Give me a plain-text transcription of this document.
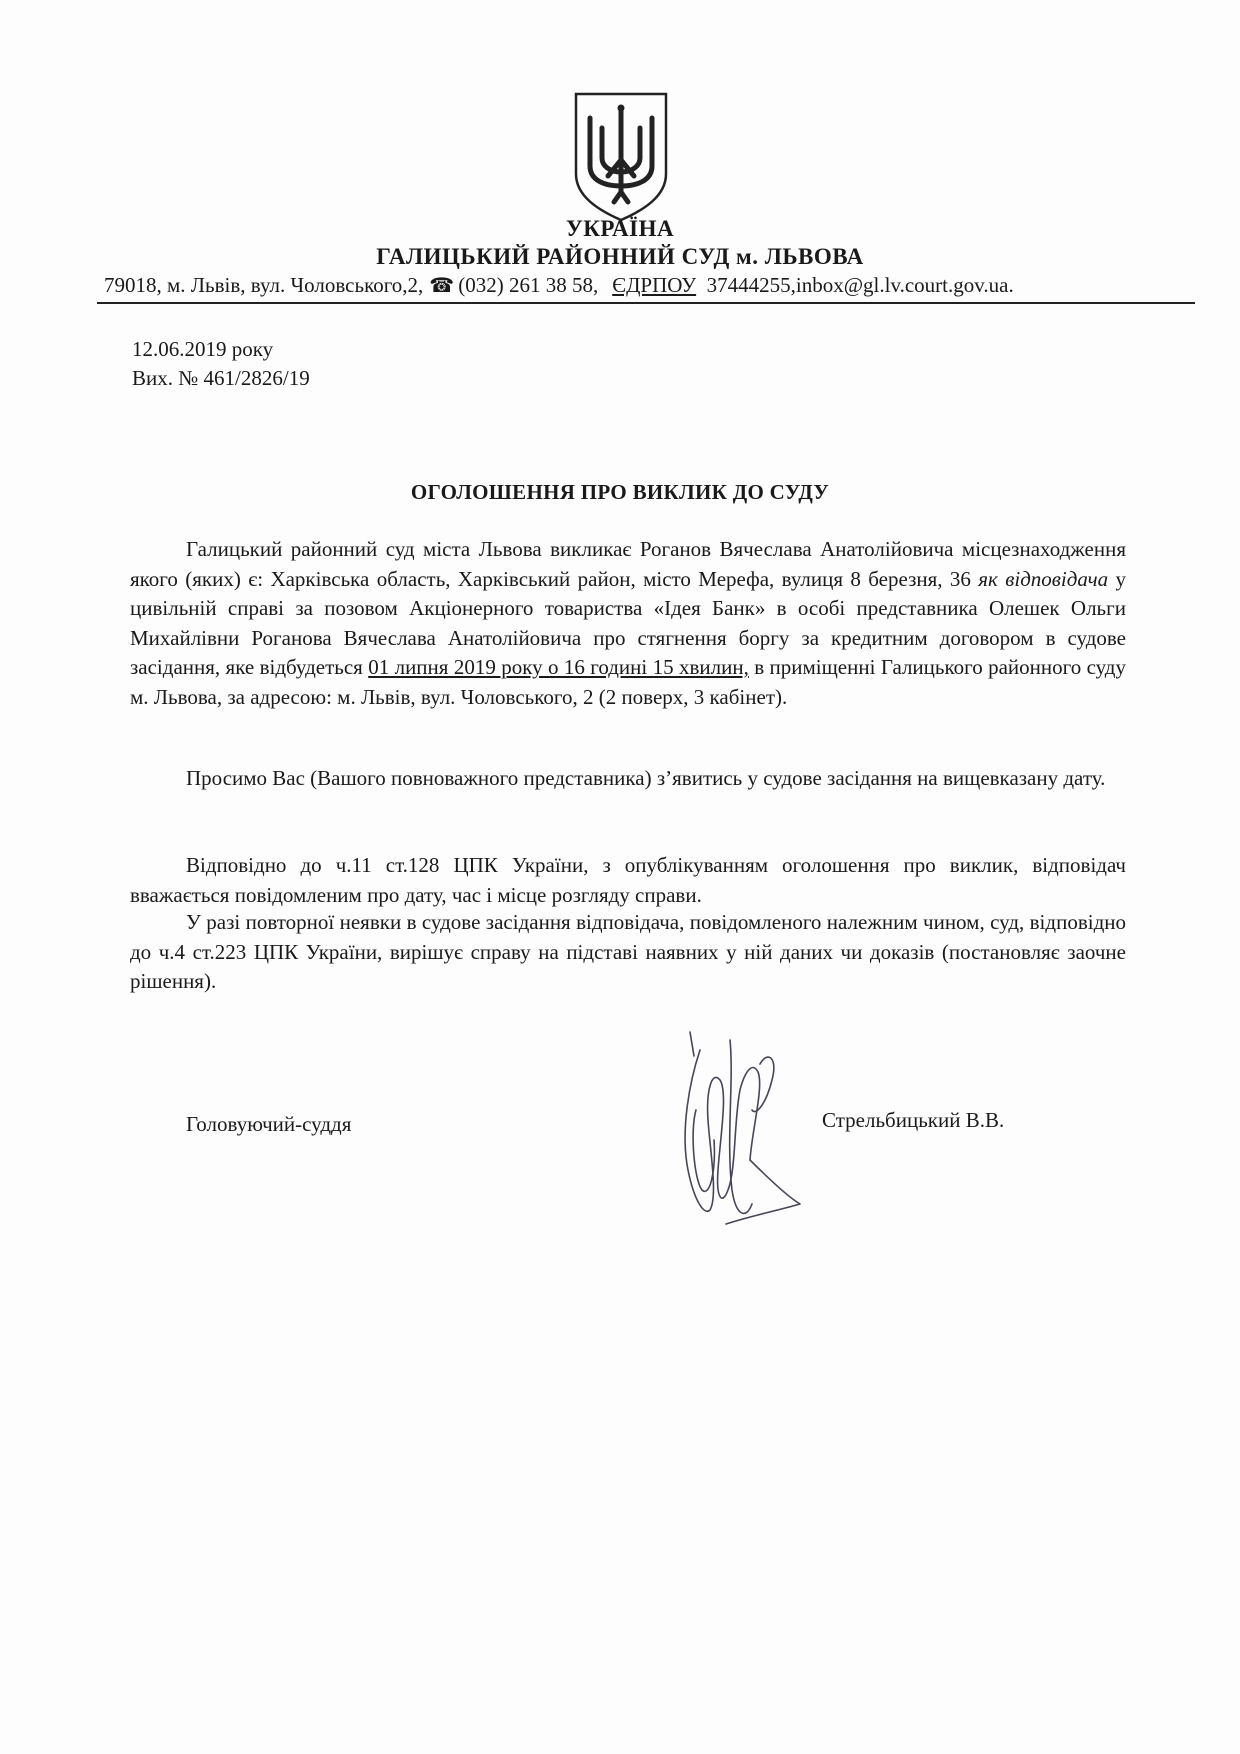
УКРАЇНА
ГАЛИЦЬКИЙ РАЙОННИЙ СУД м. ЛЬВОВА
79018, м. Львів, вул. Чоловського,2, ☎ (032) 261 38 58, ЄДРПОУ 37444255,inbox@gl.lv.court.gov.ua.
12.06.2019 року
Вих. № 461/2826/19
ОГОЛОШЕННЯ ПРО ВИКЛИК ДО СУДУ
Галицький районний суд міста Львова викликає Роганов Вячеслава Анатолійовича місцезнаходження якого (яких) є: Харківська область, Харківський район, місто Мерефа, вулиця 8 березня, 36 як відповідача у цивільній справі за позовом Акціонерного товариства «Ідея Банк» в особі представника Олешек Ольги Михайлівни Роганова Вячеслава Анатолійовича про стягнення боргу за кредитним договором в судове засідання, яке відбудеться 01 липня 2019 року о 16 годині 15 хвилин, в приміщенні Галицького районного суду м. Львова, за адресою: м. Львів, вул. Чоловського, 2 (2 поверх, 3 кабінет).
Просимо Вас (Вашого повноважного представника) з’явитись у судове засідання на вищевказану дату.
Відповідно до ч.11 ст.128 ЦПК України, з опублікуванням оголошення про виклик, відповідач вважається повідомленим про дату, час і місце розгляду справи.
У разі повторної неявки в судове засідання відповідача, повідомленого належним чином, суд, відповідно до ч.4 ст.223 ЦПК України, вирішує справу на підставі наявних у ній даних чи доказів (постановляє заочне рішення).
Головуючий-суддя	Стрельбицький В.В.
